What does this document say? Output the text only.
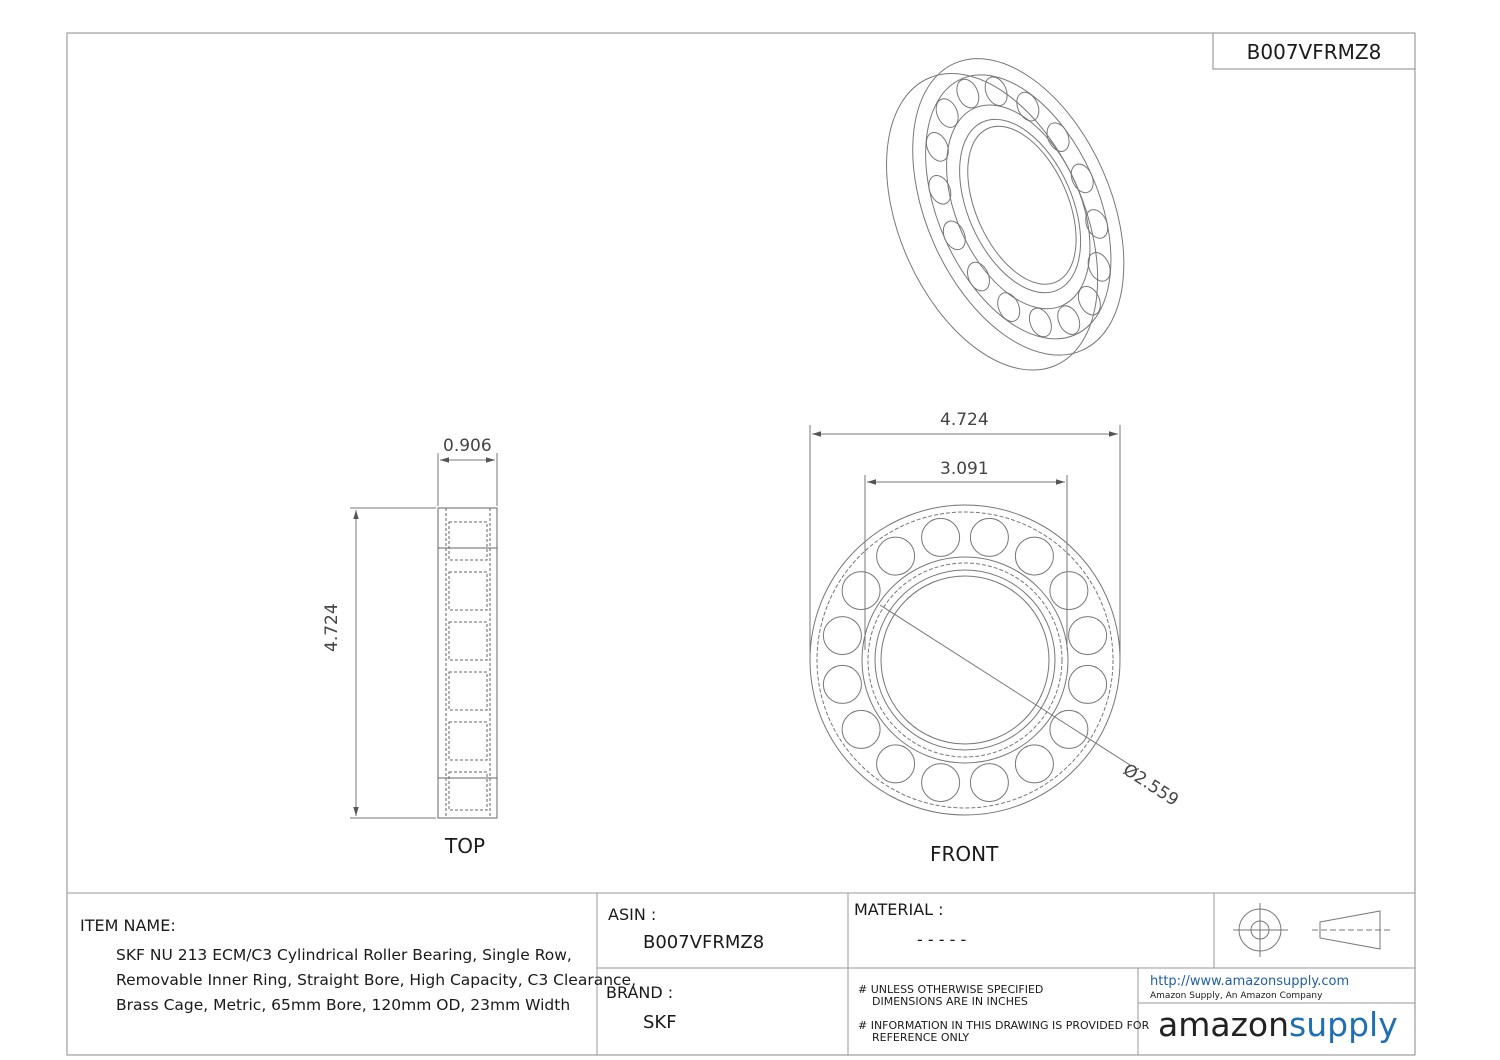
B007VFRMZ8
0.906
4.724
4.724
3.091
Ø2.559
TOP	FRONT
ITEM NAME:
SKF NU 213 ECM/C3 Cylindrical Roller Bearing, Single Row,
Removable Inner Ring, Straight Bore, High Capacity, C3 Clearance,
Brass Cage, Metric, 65mm Bore, 120mm OD, 23mm Width
ASIN :
B007VFRMZ8
BRAND :
SKF
MATERIAL :
- - - - -
# UNLESS OTHERWISE SPECIFIED
DIMENSIONS ARE IN INCHES
# INFORMATION IN THIS DRAWING IS PROVIDED FOR
REFERENCE ONLY
http://www.amazonsupply.com
Amazon Supply, An Amazon Company
amazonsupply
